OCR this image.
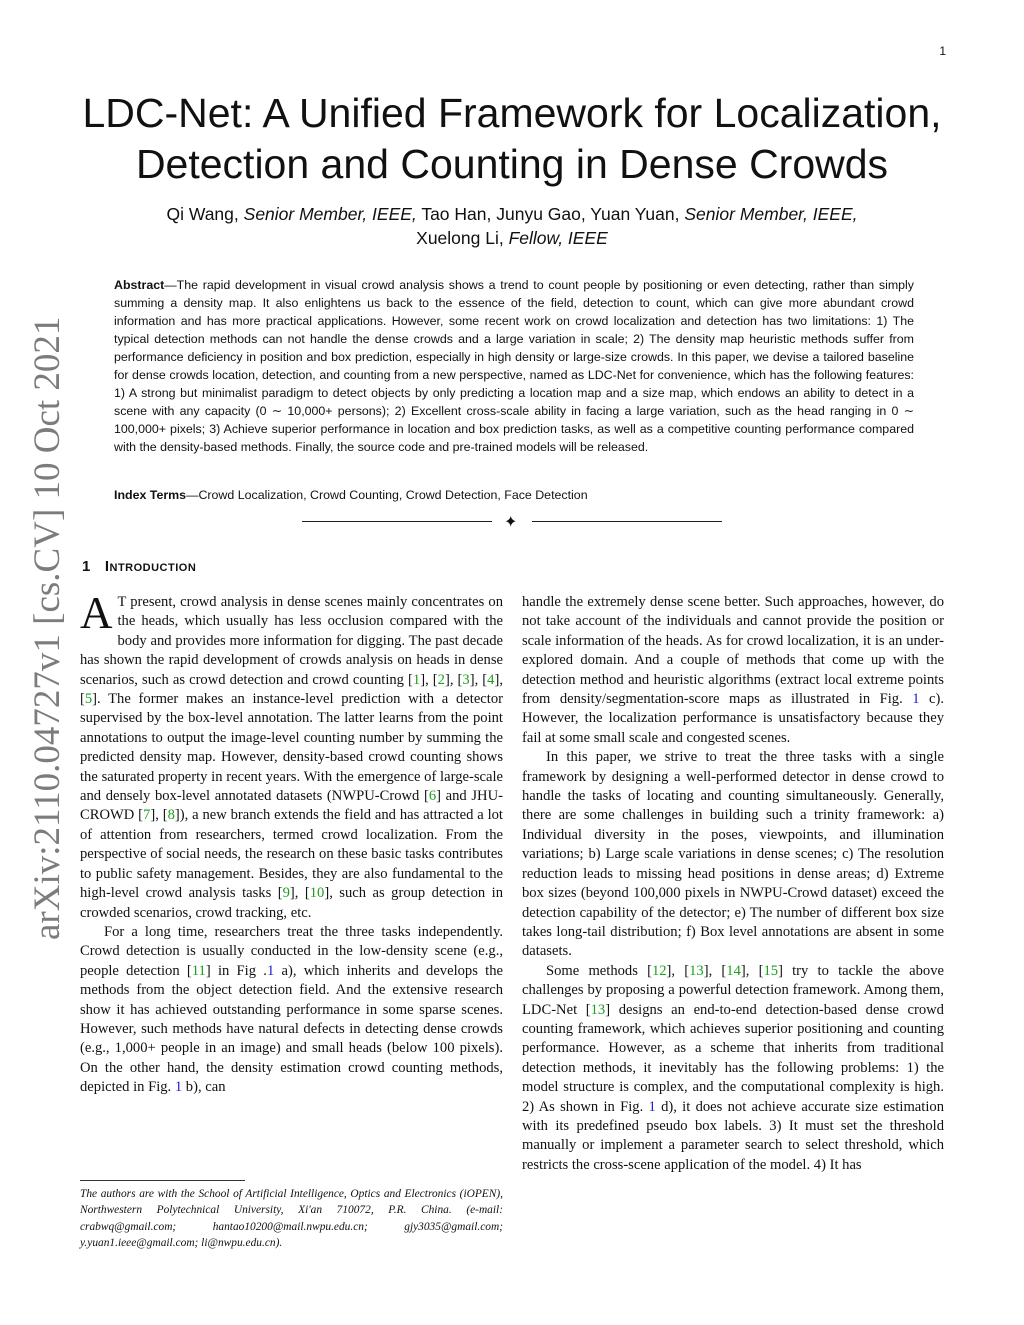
1
arXiv:2110.04727v1 [cs.CV] 10 Oct 2021
LDC-Net: A Unified Framework for Localization, Detection and Counting in Dense Crowds
Qi Wang, Senior Member, IEEE, Tao Han, Junyu Gao, Yuan Yuan, Senior Member, IEEE,
Xuelong Li, Fellow, IEEE
Abstract—The rapid development in visual crowd analysis shows a trend to count people by positioning or even detecting, rather than simply summing a density map. It also enlightens us back to the essence of the field, detection to count, which can give more abundant crowd information and has more practical applications. However, some recent work on crowd localization and detection has two limitations: 1) The typical detection methods can not handle the dense crowds and a large variation in scale; 2) The density map heuristic methods suffer from performance deficiency in position and box prediction, especially in high density or large-size crowds. In this paper, we devise a tailored baseline for dense crowds location, detection, and counting from a new perspective, named as LDC-Net for convenience, which has the following features: 1) A strong but minimalist paradigm to detect objects by only predicting a location map and a size map, which endows an ability to detect in a scene with any capacity (0 ∼ 10,000+ persons); 2) Excellent cross-scale ability in facing a large variation, such as the head ranging in 0 ∼ 100,000+ pixels; 3) Achieve superior performance in location and box prediction tasks, as well as a competitive counting performance compared with the density-based methods. Finally, the source code and pre-trained models will be released.
Index Terms—Crowd Localization, Crowd Counting, Crowd Detection, Face Detection
✦
1 Introduction

A T present, crowd analysis in dense scenes mainly concentrates on the heads, which usually has less occlusion compared with the body and provides more information for digging. The past decade has shown the rapid development of crowds analysis on heads in dense scenarios, such as crowd detection and crowd counting [1], [2], [3], [4], [5]. The former makes an instance-level prediction with a detector supervised by the box-level annotation. The latter learns from the point annotations to output the image-level counting number by summing the predicted density map. However, density-based crowd counting shows the saturated property in recent years. With the emergence of large-scale and densely box-level annotated datasets (NWPU-Crowd [6] and JHU-CROWD [7], [8]), a new branch extends the field and has attracted a lot of attention from researchers, termed crowd localization. From the perspective of social needs, the research on these basic tasks contributes to public safety management. Besides, they are also fundamental to the high-level crowd analysis tasks [9], [10], such as group detection in crowded scenarios, crowd tracking, etc.

For a long time, researchers treat the three tasks independently. Crowd detection is usually conducted in the low-density scene (e.g., people detection [11] in Fig .1 a), which inherits and develops the methods from the object detection field. And the extensive research show it has achieved outstanding performance in some sparse scenes. However, such methods have natural defects in detecting dense crowds (e.g., 1,000+ people in an image) and small heads (below 100 pixels). On the other hand, the density estimation crowd counting methods, depicted in Fig. 1 b), can

The authors are with the School of Artificial Intelligence, Optics and Electronics (iOPEN), Northwestern Polytechnical University, Xi'an 710072, P.R. China. (e-mail: crabwq@gmail.com; hantao10200@mail.nwpu.edu.cn; gjy3035@gmail.com; y.yuan1.ieee@gmail.com; li@nwpu.edu.cn).

handle the extremely dense scene better. Such approaches, however, do not take account of the individuals and cannot provide the position or scale information of the heads. As for crowd localization, it is an under-explored domain. And a couple of methods that come up with the detection method and heuristic algorithms (extract local extreme points from density/segmentation-score maps as illustrated in Fig. 1 c). However, the localization performance is unsatisfactory because they fail at some small scale and congested scenes.

In this paper, we strive to treat the three tasks with a single framework by designing a well-performed detector in dense crowd to handle the tasks of locating and counting simultaneously. Generally, there are some challenges in building such a trinity framework: a) Individual diversity in the poses, viewpoints, and illumination variations; b) Large scale variations in dense scenes; c) The resolution reduction leads to missing head positions in dense areas; d) Extreme box sizes (beyond 100,000 pixels in NWPU-Crowd dataset) exceed the detection capability of the detector; e) The number of different box size takes long-tail distribution; f) Box level annotations are absent in some datasets.

Some methods [12], [13], [14], [15] try to tackle the above challenges by proposing a powerful detection framework. Among them, LDC-Net [13] designs an end-to-end detection-based dense crowd counting framework, which achieves superior positioning and counting performance. However, as a scheme that inherits from traditional detection methods, it inevitably has the following problems: 1) the model structure is complex, and the computational complexity is high. 2) As shown in Fig. 1 d), it does not achieve accurate size estimation with its predefined pseudo box labels. 3) It must set the threshold manually or implement a parameter search to select threshold, which restricts the cross-scene application of the model. 4) It has
